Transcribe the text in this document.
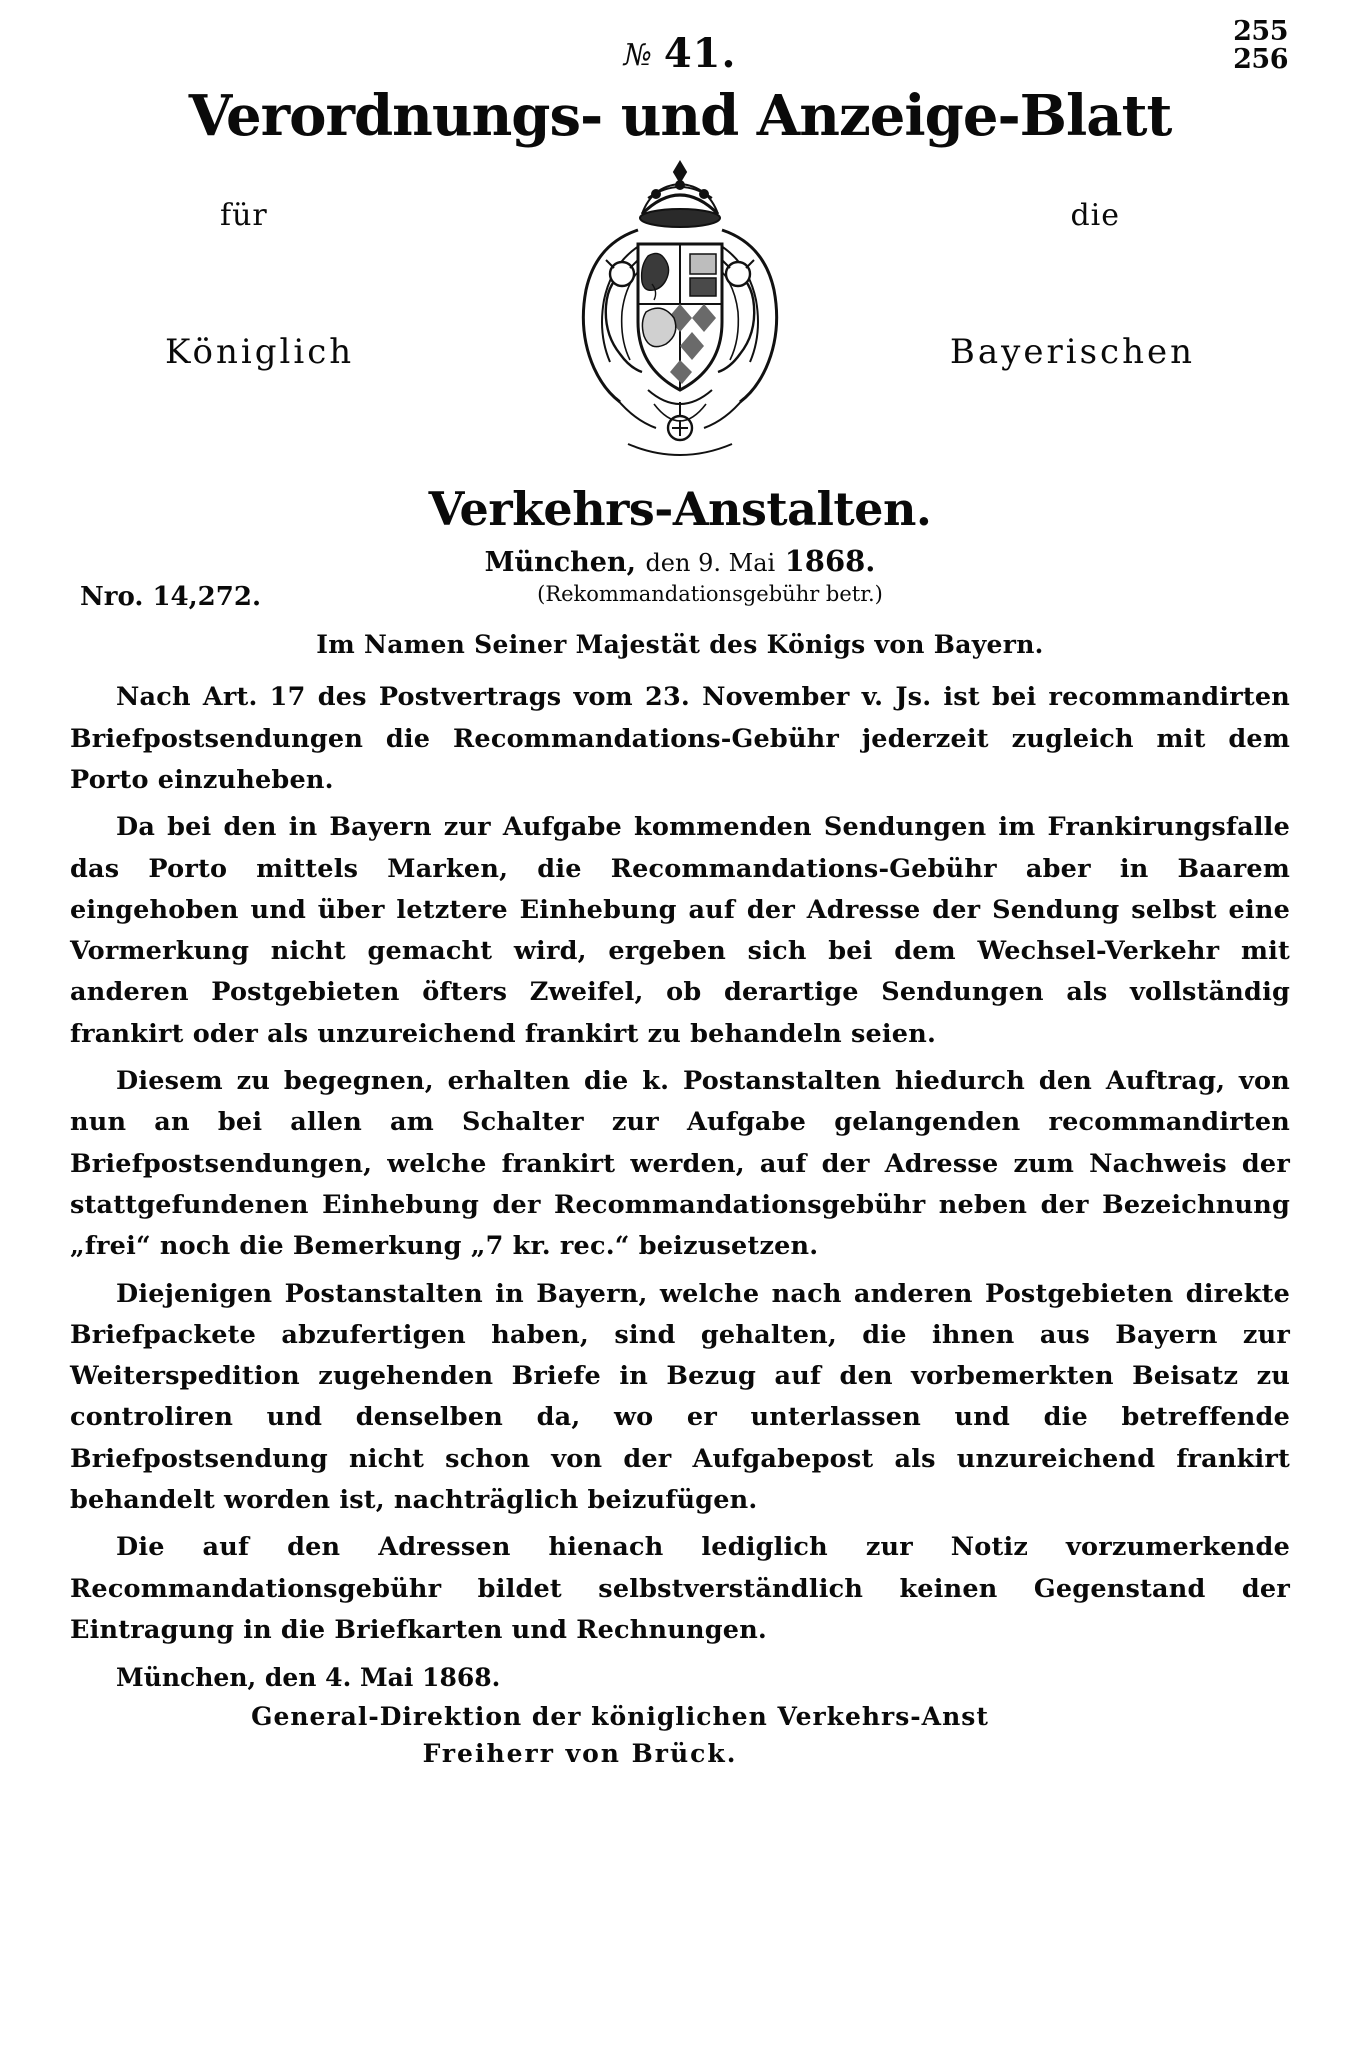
255
256
№ 41.
Verordnungs- und Anzeige-Blatt
für	die
Königlich	Bayerischen
Verkehrs-Anstalten.
München, den 9. Mai 1868.
Nro. 14,272.	(Rekommandationsgebühr betr.)
Im Namen Seiner Majestät des Königs von Bayern.

Nach Art. 17 des Postvertrags vom 23. November v. Js. ist bei recommandirten Briefpostsendungen die Recommandations-Gebühr jederzeit zugleich mit dem Porto einzuheben.

Da bei den in Bayern zur Aufgabe kommenden Sendungen im Frankirungsfalle das Porto mittels Marken, die Recommandations-Gebühr aber in Baarem eingehoben und über letztere Einhebung auf der Adresse der Sendung selbst eine Vormerkung nicht gemacht wird, ergeben sich bei dem Wechsel-Verkehr mit anderen Postgebieten öfters Zweifel, ob derartige Sendungen als vollständig frankirt oder als unzureichend frankirt zu behandeln seien.

Diesem zu begegnen, erhalten die k. Postanstalten hiedurch den Auftrag, von nun an bei allen am Schalter zur Aufgabe gelangenden recommandirten Briefpostsendungen, welche frankirt werden, auf der Adresse zum Nachweis der stattgefundenen Einhebung der Recommandationsgebühr neben der Bezeichnung „frei“ noch die Bemerkung „7 kr. rec.“ beizusetzen.

Diejenigen Postanstalten in Bayern, welche nach anderen Postgebieten direkte Briefpackete abzufertigen haben, sind gehalten, die ihnen aus Bayern zur Weiterspedition zugehenden Briefe in Bezug auf den vorbemerkten Beisatz zu controliren und denselben da, wo er unterlassen und die betreffende Briefpostsendung nicht schon von der Aufgabepost als unzureichend frankirt behandelt worden ist, nachträglich beizufügen.

Die auf den Adressen hienach lediglich zur Notiz vorzumerkende Recommandationsgebühr bildet selbstverständlich keinen Gegenstand der Eintragung in die Briefkarten und Rechnungen.

München, den 4. Mai 1868.
General-Direktion der königlichen Verkehrs-Anst
Freiherr von Brück.
